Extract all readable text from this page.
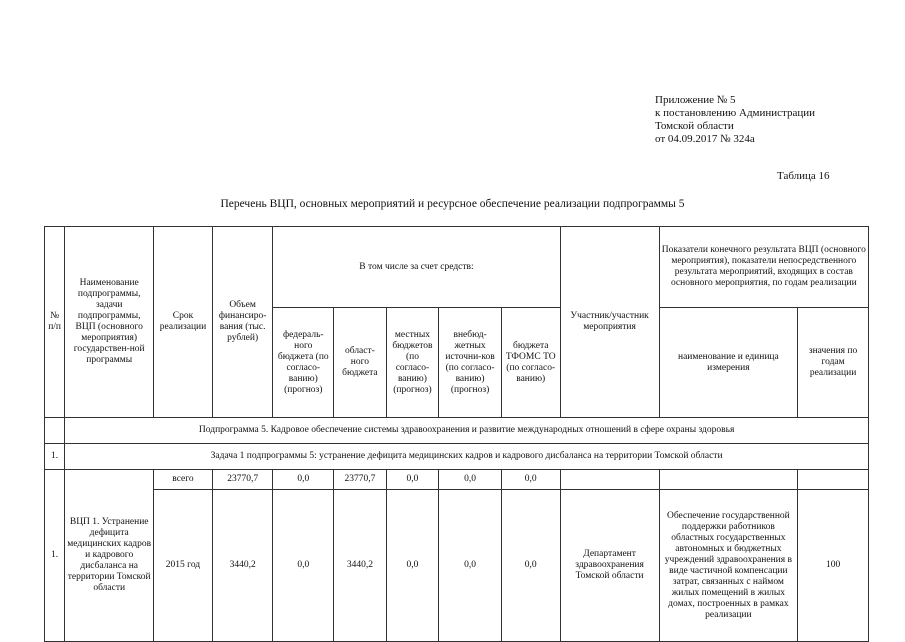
Приложение № 5
к постановлению Администрации
Томской области
от 04.09.2017 № 324а
Таблица 16
Перечень ВЦП, основных мероприятий и ресурсное обеспечение реализации подпрограммы 5
№ п/п	Наименование подпрограммы, задачи подпрограммы, ВЦП (основного мероприятия) государствен-ной программы	Срок реализации	Объем финансиро-вания (тыс. рублей)	В том числе за счет средств:					Участник/участник мероприятия	Показатели конечного результата ВЦП (основного мероприятия), показатели непосредственного результата мероприятий, входящих в состав основного мероприятия, по годам реализации	
				федераль-ного бюджета (по согласо-ванию) (прогноз)	област-ного бюджета	местных бюджетов (по согласо-ванию) (прогноз)	внебюд-жетных источни-ков (по согласо-ванию) (прогноз)	бюджета ТФОМС ТО (по согласо-ванию)		наименование и единица измерения	значения по годам реализации
	Подпрограмма 5. Кадровое обеспечение системы здравоохранения и развитие международных отношений в сфере охраны здоровья										
1.	Задача 1 подпрограммы 5: устранение дефицита медицинских кадров и кадрового дисбаланса на территории Томской области										
1.	ВЦП 1. Устранение дефицита медицинских кадров и кадрового дисбаланса на территории Томской области	всего	23770,7	0,0	23770,7	0,0	0,0	0,0			
		2015 год	3440,2	0,0	3440,2	0,0	0,0	0,0	Департамент здравоохранения Томской области	Обеспечение государственной поддержки работников областных государственных автономных и бюджетных учреждений здравоохранения в виде частичной компенсации затрат, связанных с наймом жилых помещений в жилых домах, построенных в рамках реализации	100
